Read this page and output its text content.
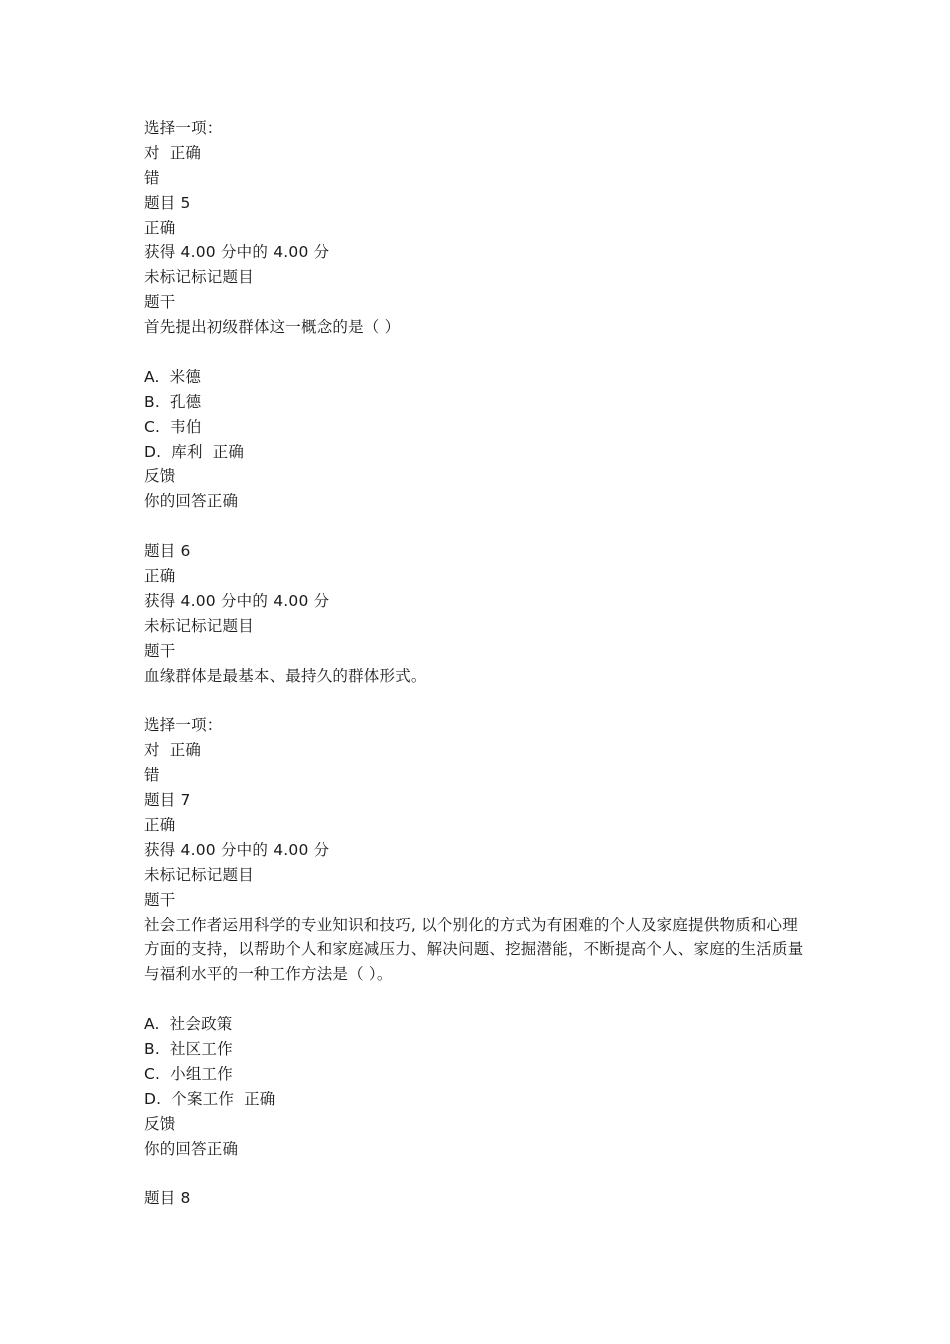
选择一项：
对 正确
错
题目 5
正确
获得 4.00 分中的 4.00 分
未标记标记题目
题干
首先提出初级群体这一概念的是（ ）
A. 米德
B. 孔德
C. 韦伯
D. 库利 正确
反馈
你的回答正确
题目 6
正确
获得 4.00 分中的 4.00 分
未标记标记题目
题干
血缘群体是最基本、最持久的群体形式。
选择一项：
对 正确
错
题目 7
正确
获得 4.00 分中的 4.00 分
未标记标记题目
题干
社会工作者运用科学的专业知识和技巧, 以个别化的方式为有困难的个人及家庭提供物质和心理方面的支持，以帮助个人和家庭减压力、解决问题、挖掘潜能，不断提高个人、家庭的生活质量与福利水平的一种工作方法是（ ）。
A. 社会政策
B. 社区工作
C. 小组工作
D. 个案工作 正确
反馈
你的回答正确
题目 8
